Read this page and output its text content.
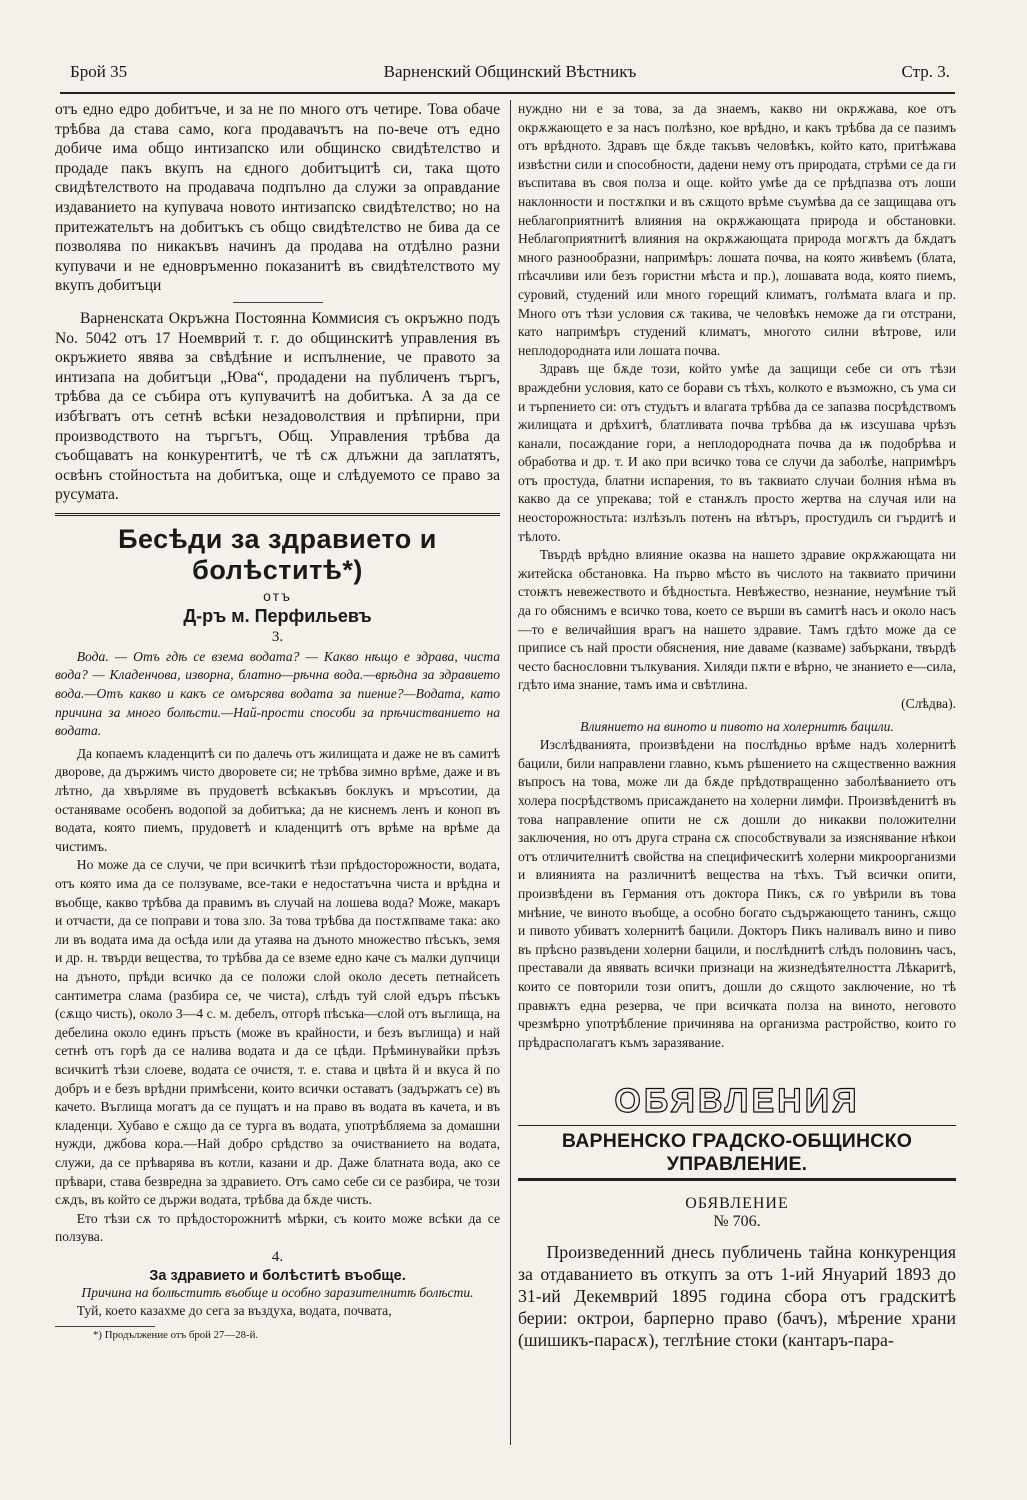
Брой 35	Варненский Общинский Вѣстникъ	Стр. 3.

отъ едно едро добитъче, и за не по много отъ четире. Това обаче трѣбва да става само, кога продавачътъ на по-вече отъ едно добиче има общо интизапско или общинско свидѣтелство и продаде пакъ вкупъ на єдного добитъцитѣ си, така щото свидѣтелството на продавача подпълно да служи за оправдание издаванието на купувача новото интизапско свидѣтелство; но на притежательтъ на добитъкъ съ общо свидѣтелство не бива да се позволява по никакъвъ начинъ да продава на отдѣлно разни купувачи и не едновръменно показанитѣ въ свидѣтелството му вкупъ добитъци

Варненската Окръжна Постоянна Коммисия съ окръжно подъ No. 5042 отъ 17 Ноемврий т. г. до общинскитѣ управления въ окръжието явява за свѣдѣние и испълнение, че правото за интизапа на добитъци „Юва“, продадени на публиченъ търгъ, трѣбва да се събира отъ купувачитѣ на добитъка. А за да се избѣгватъ отъ сетнѣ всѣки незадоволствия и прѣпирни, при производството на търгътъ, Общ. Управления трѣбва да съобщаватъ на конкурентитѣ, че тѣ сѫ длъжни да заплатятъ, освѣнъ стойностьта на добитъка, още и слѣдуемото се право за русумата.

Бесѣди за здравието и болѣститѣ*)
отъ
Д-ръ м. Перфильевъ
3.

Вода. — Отъ гдѣ се взема водата? — Какво нѣщо е здрава, чиста вода? — Кладенчова, изворна, блатно—рѣчна вода.—врѣдна за здравието вода.—Отъ какво и какъ се омърсява водата за пиение?—Водата, като причина за много болѣсти.—Най-прости способи за прѣчистванието на водата.

Да копаемъ кладенцитѣ си по далечь отъ жилищата и даже не въ самитѣ дворове, да държимъ чисто дворовете си; не трѣбва зимно врѣме, даже и въ лѣтно, да хвърляме въ прудоветѣ всѣкакъвъ боклукъ и мръсотии, да останяваме особенъ водопой за добитъка; да не киснемъ ленъ и коноп въ водата, която пиемъ, прудоветѣ и кладенцитѣ отъ врѣме на врѣме да чистимъ.

Но може да се случи, че при всичкитѣ тѣзи прѣдосторожности, водата, отъ която има да се ползуваме, все-таки е недостатъчна чиста и врѣдна и въобще, какво трѣбва да правимъ въ случай на лошева вода? Може, макаръ и отчасти, да се поправи и това зло. За това трѣбва да постѫпваме така: ако ли въ водата има да осѣда или да утаява на дъното множество пѣсъкъ, земя и др. н. твърди вещества, то трѣбва да се вземе едно каче съ малки дупчици на дъното, прѣди всичко да се положи слой около десеть петнайсеть сантиметра слама (разбира се, че чиста), слѣдъ туй слой едъръ пѣсъкъ (сѫщо чисть), около 3—4 с. м. дебелъ, отгорѣ пѣсъка—слой отъ въглища, на дебелина около единъ пръсть (може въ крайности, и безъ въглища) и най сетнѣ отъ горѣ да се налива водата и да се цѣди. Прѣминувайки прѣзъ всичкитѣ тѣзи слоеве, водата се очистя, т. е. става и цвѣта й и вкуса й по добръ и е безъ врѣдни примѣсени, които всички оставатъ (задържатъ се) въ качето. Въглища могатъ да се пущатъ и на право въ водата въ качета, и въ кладенци. Хубаво е сѫщо да се турга въ водата, употрѣбляема за домашни нужди, джбова кора.—Най добро срѣдство за очистванието на водата, служи, да се прѣварява въ котли, казани и др. Даже блатната вода, ако се прѣвари, става безвредна за здравието. Отъ само себе си се разбира, че този сѫдъ, въ който се държи водата, трѣбва да бѫде чисть.

Ето тѣзи сѫ то прѣдосторожнитѣ мѣрки, съ които може всѣки да се ползува.

4.
За здравието и болѣститѣ въобще.
Причина на болѣститѣ въобще и особно заразителнитѣ болѣсти.

Туй, което казахме до сега за въздуха, водата, почвата,

*) Продължение отъ брой 27—28-й.

нуждно ни е за това, за да знаемъ, какво ни окрѫжава, кое отъ окрѫжающето е за насъ полѣзно, кое врѣдно, и какъ трѣбва да се пазимъ отъ врѣдното. Здравъ ще бѫде такъвъ человѣкъ, който като, притѣжава извѣстни сили и способности, дадени нему отъ природата, стрѣми се да ги въспитава въ своя полза и още. който умѣе да се прѣдпазва отъ лоши наклонности и постѫпки и въ сѫщото врѣме съумѣва да се защищава отъ неблагоприятнитѣ влияния на окрѫжающата природа и обстановки. Неблагоприятнитѣ влияния на окрѫжающата природа могѫтъ да бѫдатъ много разнообразни, напримѣръ: лошата почва, на която живѣемъ (блата, пѣсачливи или безъ гористни мѣста и пр.), лошавата вода, която пиемъ, суровий, студений или много горещий климатъ, голѣмата влага и пр. Много отъ тѣзи условия сѫ такива, че человѣкъ неможе да ги отстрани, като напримѣръ студений климатъ, многото силни вѣтрове, или неплодородната или лошата почва.

Здравъ ще бѫде този, който умѣе да защищи себе си отъ тѣзи враждебни условия, като се борави съ тѣхъ, колкото е възможно, съ ума си и търпението си: отъ студътъ и влагата трѣбва да се запазва посрѣдствомъ жилищата и дрѣхитѣ, блатливата почва трѣбва да ѭ изсушава чрѣзъ канали, посаждание гори, а неплодородната почва да ѭ подобрѣва и обработва и др. т. И ако при всичко това се случи да заболѣе, напримѣръ отъ простуда, блатни испарения, то въ таквиато случаи болния нѣма въ какво да се упрекава; той е станѫлъ просто жертва на случая или на неосторожностьта: излѣзълъ потенъ на вѣтъръ, простудилъ си гърдитѣ и тѣлото.

Твърдѣ врѣдно влияние оказва на нашето здравие окрѫжающата ни житейска обстановка. На първо мѣсто въ числото на таквиато причини стоѭтъ невежеството и бѣдностьта. Невѣжество, незнание, неумѣние тъй да го обяснимъ е всичко това, което се върши въ самитѣ насъ и около насъ—то е величайшия врагъ на нашето здравие. Тамъ гдѣто може да се приписе съ най прости обяснения, ние даваме (казваме) забъркани, твърдѣ често баснословни тълкувания. Хиляди пѫти е вѣрно, че знанието е—сила, гдѣто има знание, тамъ има и свѣтлина.

(Слѣдва).
Влиянието на виното и пивото на холернитѣ бацили.

Изслѣдванията, произвѣдени на послѣдньо врѣме надъ холернитѣ бацили, били направлени главно, къмъ рѣшението на сѫщественно важния въпросъ на това, може ли да бѫде прѣдотвращенно заболѣванието отъ холера посрѣдствомъ присаждането на холерни лимфи. Произвѣденитѣ въ това направление опити не сѫ дошли до никакви положителни заключения, но отъ друга страна сѫ способствували за изяснявание нѣкои отъ отличителнитѣ свойства на специфическитѣ холерни микроорганизми и влиянията на различнитѣ вещества на тѣхъ. Тъй всички опити, произвѣдени въ Германия отъ доктора Пикъ, сѫ го увѣрили въ това мнѣние, че виното въобще, а особно богато съдържающето танинъ, сѫщо и пивото убиватъ холернитѣ бацили. Докторъ Пикъ наливалъ вино и пиво въ прѣсно развъдени холерни бацили, и послѣднитѣ слѣдъ половинъ часъ, преставали да явявать всички признаци на жизнедѣятелността Лѣкаритѣ, които се повторили този опитъ, дошли до сѫщото заключение, но тѣ правѭтъ една резерва, че при всичката полза на виното, неговото чрезмѣрно употрѣбление причинява на организма растройство, които го прѣдрасполагатъ къмъ заразявание.

ОБЯВЛЕНИЯ
ВАРНЕНСКО ГРАДСКО-ОБЩИНСКО УПРАВЛЕНИЕ.
ОБЯВЛЕНИЕ
№ 706.

Произведенний днесь публичень тайна конкуренция за отдаванието въ откупъ за отъ 1-ий Януарий 1893 до 31-ий Декемврий 1895 година сбора отъ градскитѣ берии: октрои, барперно право (бачъ), мѣрение храни (шишикъ-парасѫ), теглѣние стоки (кантаръ-пара-
